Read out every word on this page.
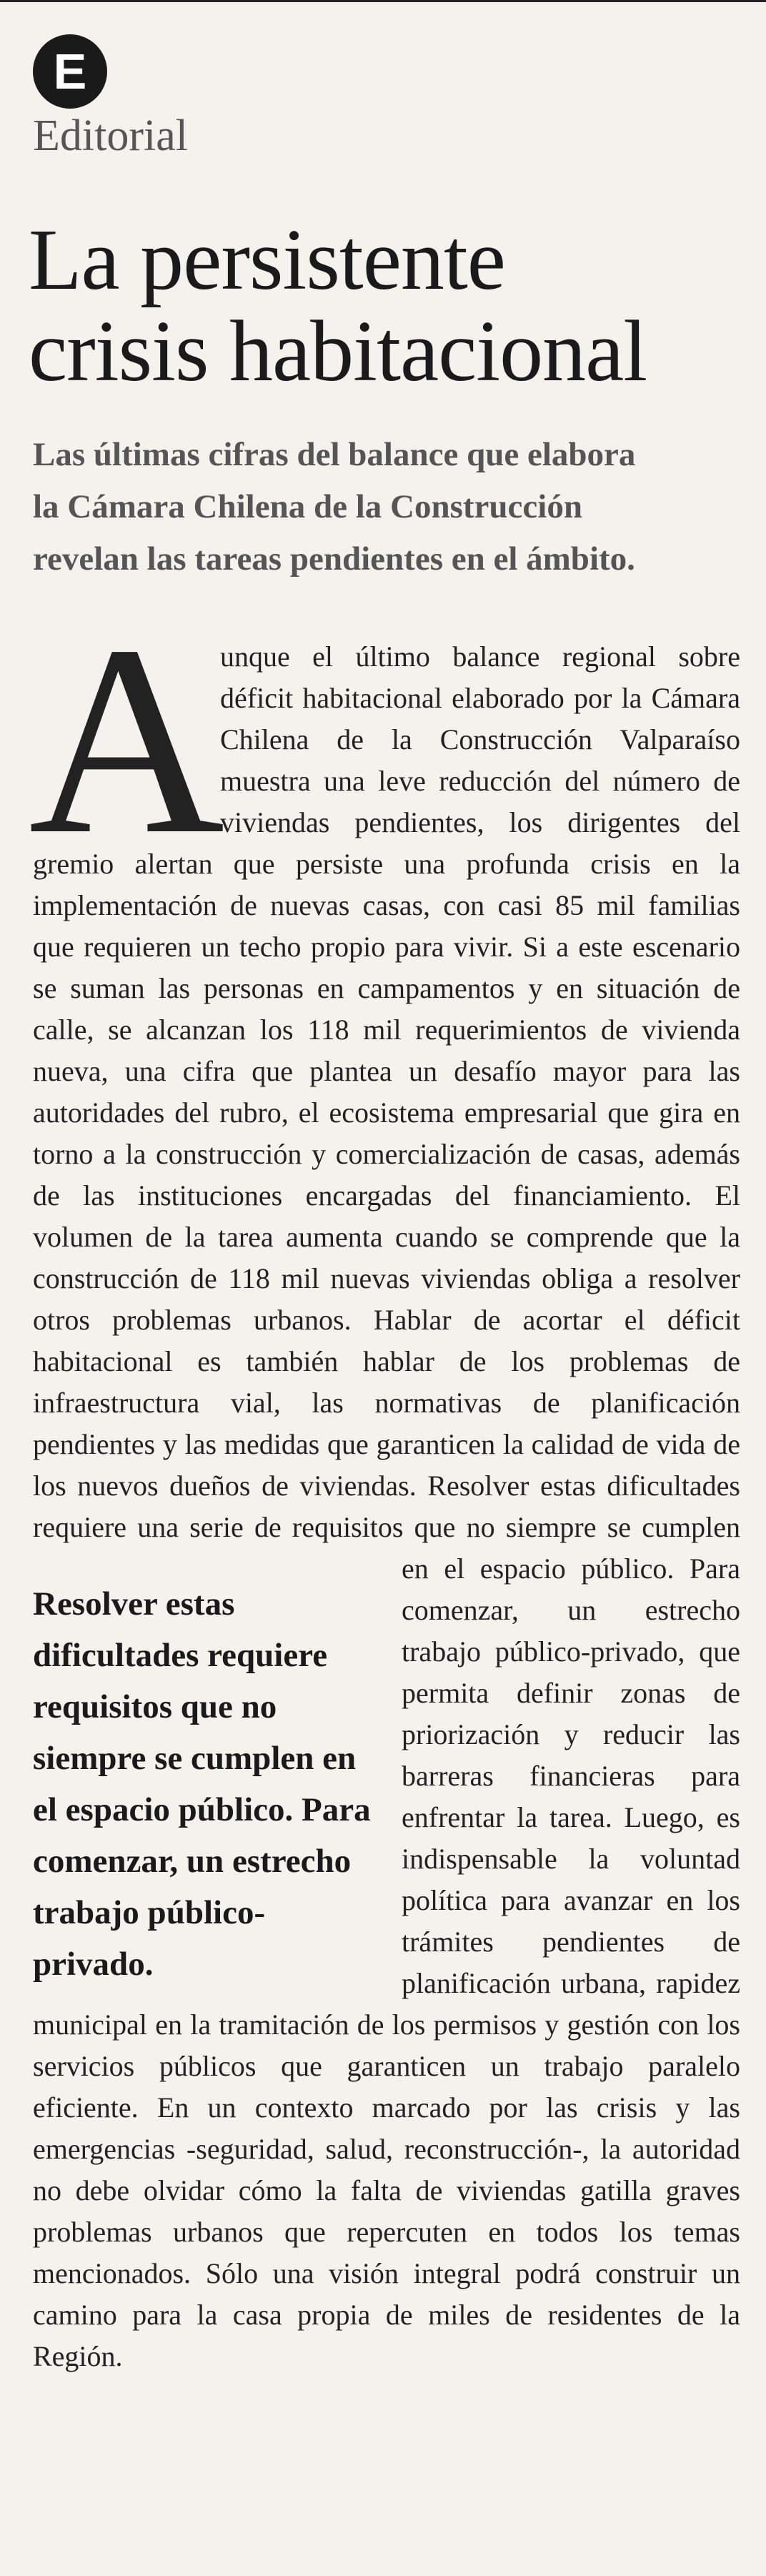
E
Editorial
La persistente
crisis habitacional
Las últimas cifras del balance que elabora
la Cámara Chilena de la Construcción
revelan las tareas pendientes en el ámbito.
A
Resolver estas dificultades requiere requisitos que no siempre se cumplen en el espacio público. Para comenzar, un estrecho trabajo público-privado.

unque el último balance regional sobre déficit habitacional elaborado por la Cámara Chilena de la Construcción Valparaíso muestra una leve reducción del número de viviendas pendientes, los dirigentes del gremio alertan que persiste una profunda crisis en la implementación de nuevas casas, con casi 85 mil familias que requieren un techo propio para vivir. Si a este escenario se suman las personas en campamentos y en situación de calle, se alcanzan los 118 mil requerimientos de vivienda nueva, una cifra que plantea un desafío mayor para las autoridades del rubro, el ecosistema empresarial que gira en torno a la construcción y comercialización de casas, además de las instituciones encargadas del financiamiento. El volumen de la tarea aumenta cuando se comprende que la construcción de 118 mil nuevas viviendas obliga a resolver otros problemas urbanos. Hablar de acortar el déficit habitacional es también hablar de los problemas de infraestructura vial, las normativas de planificación pendientes y las medidas que garanticen la calidad de vida de los nuevos dueños de viviendas. Resolver estas dificultades requiere una serie de requisitos que no siempre se cumplen en el espacio público. Para comenzar, un estrecho trabajo público-privado, que permita definir zonas de priorización y reducir las barreras financieras para enfrentar la tarea. Luego, es indispensable la voluntad política para avanzar en los trámites pendientes de planificación urbana, rapidez municipal en la tramitación de los permisos y gestión con los servicios públicos que garanticen un trabajo paralelo eficiente. En un contexto marcado por las crisis y las emergencias -seguridad, salud, reconstrucción-, la autoridad no debe olvidar cómo la falta de viviendas gatilla graves problemas urbanos que repercuten en todos los temas mencionados. Sólo una visión integral podrá construir un camino para la casa propia de miles de residentes de la Región.
